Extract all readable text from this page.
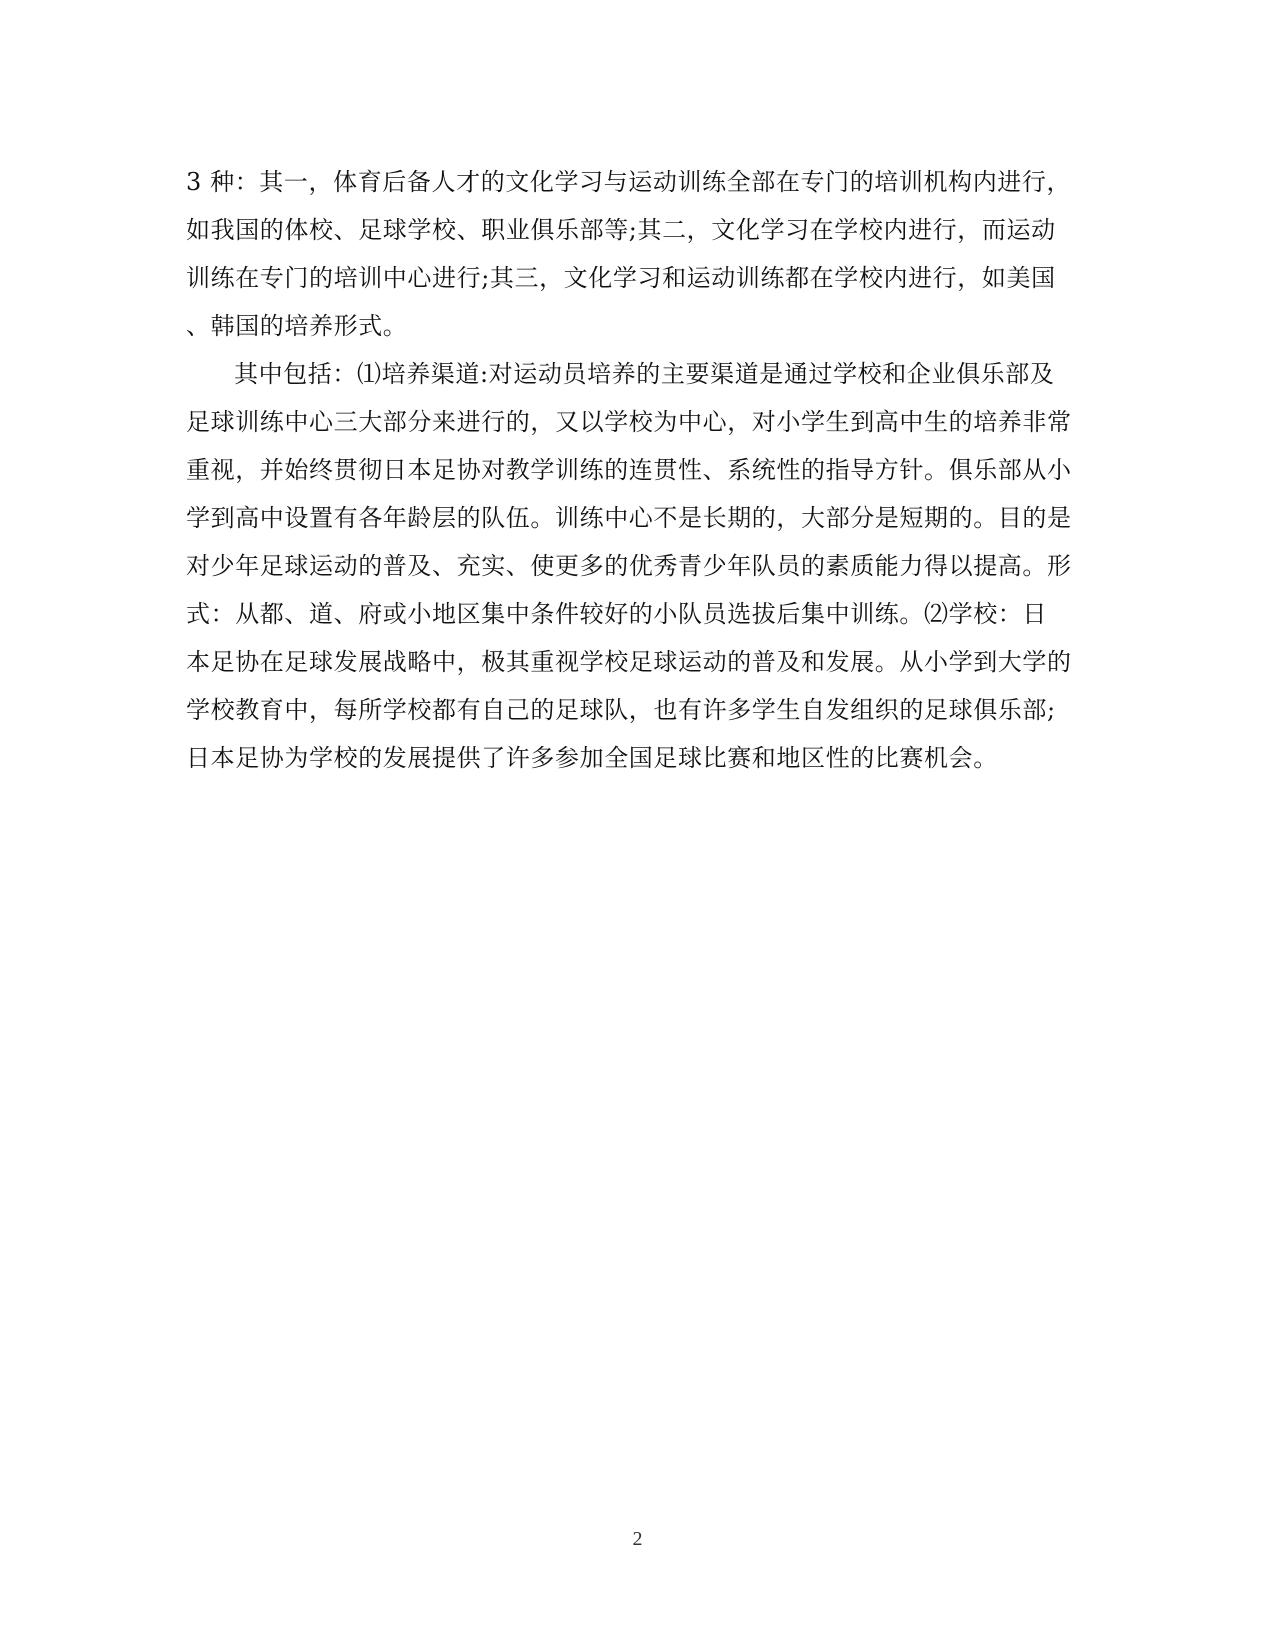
3 种：其一，体育后备人才的文化学习与运动训练全部在专门的培训机构内进行，
如我国的体校、足球学校、职业俱乐部等;其二，文化学习在学校内进行，而运动
训练在专门的培训中心进行;其三，文化学习和运动训练都在学校内进行，如美国
、韩国的培养形式。

其中包括：⑴培养渠道:对运动员培养的主要渠道是通过学校和企业俱乐部及
足球训练中心三大部分来进行的，又以学校为中心，对小学生到高中生的培养非常
重视，并始终贯彻日本足协对教学训练的连贯性、系统性的指导方针。俱乐部从小
学到高中设置有各年龄层的队伍。训练中心不是长期的，大部分是短期的。目的是
对少年足球运动的普及、充实、使更多的优秀青少年队员的素质能力得以提高。形
式：从都、道、府或小地区集中条件较好的小队员选拔后集中训练。⑵学校：日
本足协在足球发展战略中，极其重视学校足球运动的普及和发展。从小学到大学的
学校教育中，每所学校都有自己的足球队，也有许多学生自发组织的足球俱乐部;
日本足协为学校的发展提供了许多参加全国足球比赛和地区性的比赛机会。

2
